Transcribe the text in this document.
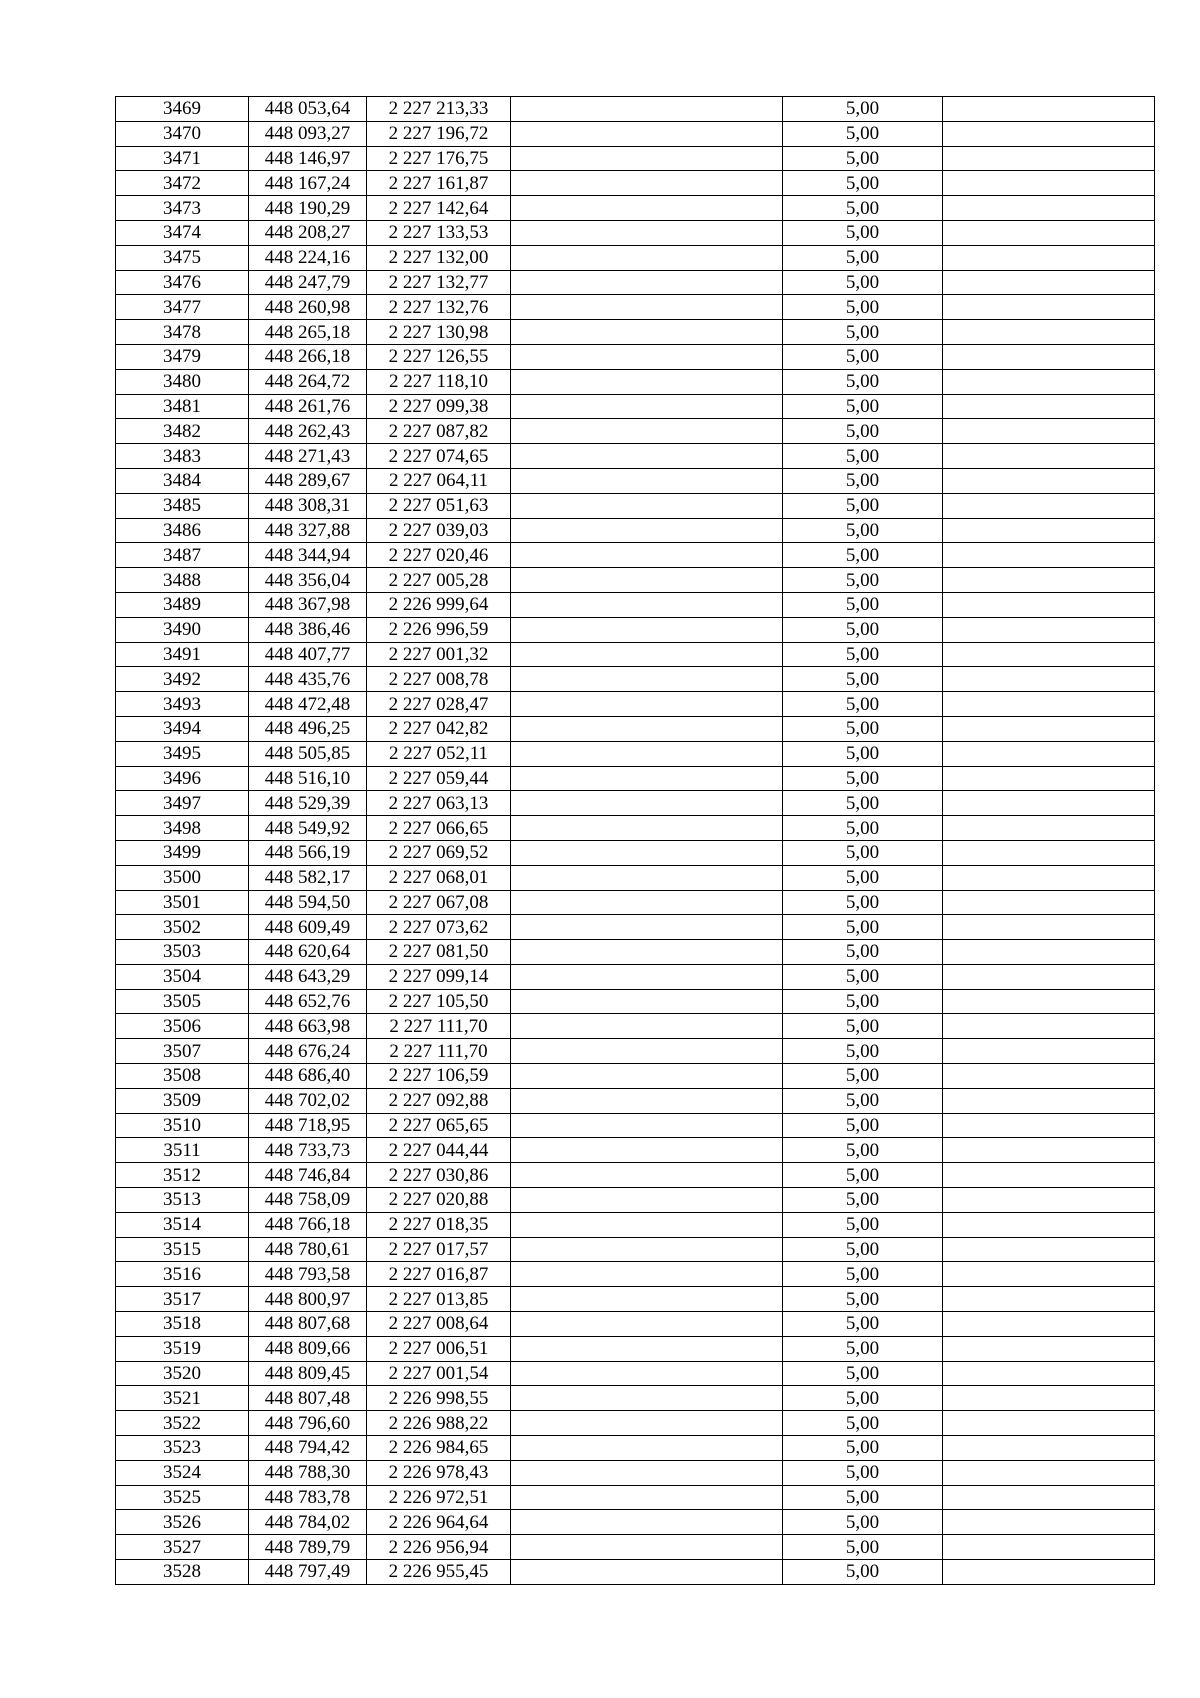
3469	448 053,64	2 227 213,33		5,00	
3470	448 093,27	2 227 196,72		5,00	
3471	448 146,97	2 227 176,75		5,00	
3472	448 167,24	2 227 161,87		5,00	
3473	448 190,29	2 227 142,64		5,00	
3474	448 208,27	2 227 133,53		5,00	
3475	448 224,16	2 227 132,00		5,00	
3476	448 247,79	2 227 132,77		5,00	
3477	448 260,98	2 227 132,76		5,00	
3478	448 265,18	2 227 130,98		5,00	
3479	448 266,18	2 227 126,55		5,00	
3480	448 264,72	2 227 118,10		5,00	
3481	448 261,76	2 227 099,38		5,00	
3482	448 262,43	2 227 087,82		5,00	
3483	448 271,43	2 227 074,65		5,00	
3484	448 289,67	2 227 064,11		5,00	
3485	448 308,31	2 227 051,63		5,00	
3486	448 327,88	2 227 039,03		5,00	
3487	448 344,94	2 227 020,46		5,00	
3488	448 356,04	2 227 005,28		5,00	
3489	448 367,98	2 226 999,64		5,00	
3490	448 386,46	2 226 996,59		5,00	
3491	448 407,77	2 227 001,32		5,00	
3492	448 435,76	2 227 008,78		5,00	
3493	448 472,48	2 227 028,47		5,00	
3494	448 496,25	2 227 042,82		5,00	
3495	448 505,85	2 227 052,11		5,00	
3496	448 516,10	2 227 059,44		5,00	
3497	448 529,39	2 227 063,13		5,00	
3498	448 549,92	2 227 066,65		5,00	
3499	448 566,19	2 227 069,52		5,00	
3500	448 582,17	2 227 068,01		5,00	
3501	448 594,50	2 227 067,08		5,00	
3502	448 609,49	2 227 073,62		5,00	
3503	448 620,64	2 227 081,50		5,00	
3504	448 643,29	2 227 099,14		5,00	
3505	448 652,76	2 227 105,50		5,00	
3506	448 663,98	2 227 111,70		5,00	
3507	448 676,24	2 227 111,70		5,00	
3508	448 686,40	2 227 106,59		5,00	
3509	448 702,02	2 227 092,88		5,00	
3510	448 718,95	2 227 065,65		5,00	
3511	448 733,73	2 227 044,44		5,00	
3512	448 746,84	2 227 030,86		5,00	
3513	448 758,09	2 227 020,88		5,00	
3514	448 766,18	2 227 018,35		5,00	
3515	448 780,61	2 227 017,57		5,00	
3516	448 793,58	2 227 016,87		5,00	
3517	448 800,97	2 227 013,85		5,00	
3518	448 807,68	2 227 008,64		5,00	
3519	448 809,66	2 227 006,51		5,00	
3520	448 809,45	2 227 001,54		5,00	
3521	448 807,48	2 226 998,55		5,00	
3522	448 796,60	2 226 988,22		5,00	
3523	448 794,42	2 226 984,65		5,00	
3524	448 788,30	2 226 978,43		5,00	
3525	448 783,78	2 226 972,51		5,00	
3526	448 784,02	2 226 964,64		5,00	
3527	448 789,79	2 226 956,94		5,00	
3528	448 797,49	2 226 955,45		5,00	
